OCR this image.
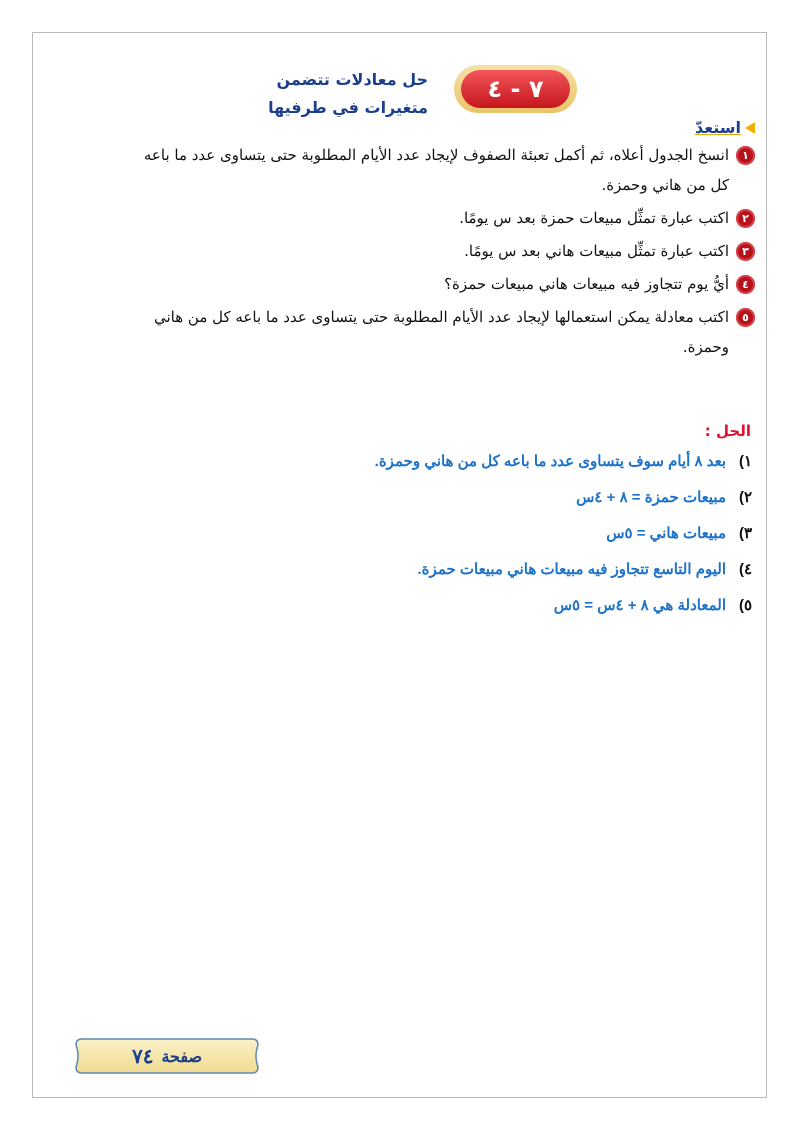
٧ - ٤
حل معادلات تتضمن
متغيرات في طرفيها
استعدّ
١
انسخ الجدول أعلاه، ثم أكمل تعبئة الصفوف لإيجاد عدد الأيام المطلوبة حتى يتساوى عدد ما باعه كل من هاني وحمزة.
٢
اكتب عبارة تمثِّل مبيعات حمزة بعد س يومًا.
٣
اكتب عبارة تمثِّل مبيعات هاني بعد س يومًا.
٤
أيُّ يوم تتجاوز فيه مبيعات هاني مبيعات حمزة؟
٥
اكتب معادلة يمكن استعمالها لإيجاد عدد الأيام المطلوبة حتى يتساوى عدد ما باعه كل من هاني وحمزة.
الحل :
١)
بعد ٨ أيام سوف يتساوى عدد ما باعه كل من هاني وحمزة.
٢)
مبيعات حمزة = ٨ + ٤س
٣)
مبيعات هاني = ٥س
٤)
اليوم التاسع تتجاوز فيه مبيعات هاني مبيعات حمزة.
٥)
المعادلة هي ٨ + ٤س = ٥س
صفحة
٧٤
